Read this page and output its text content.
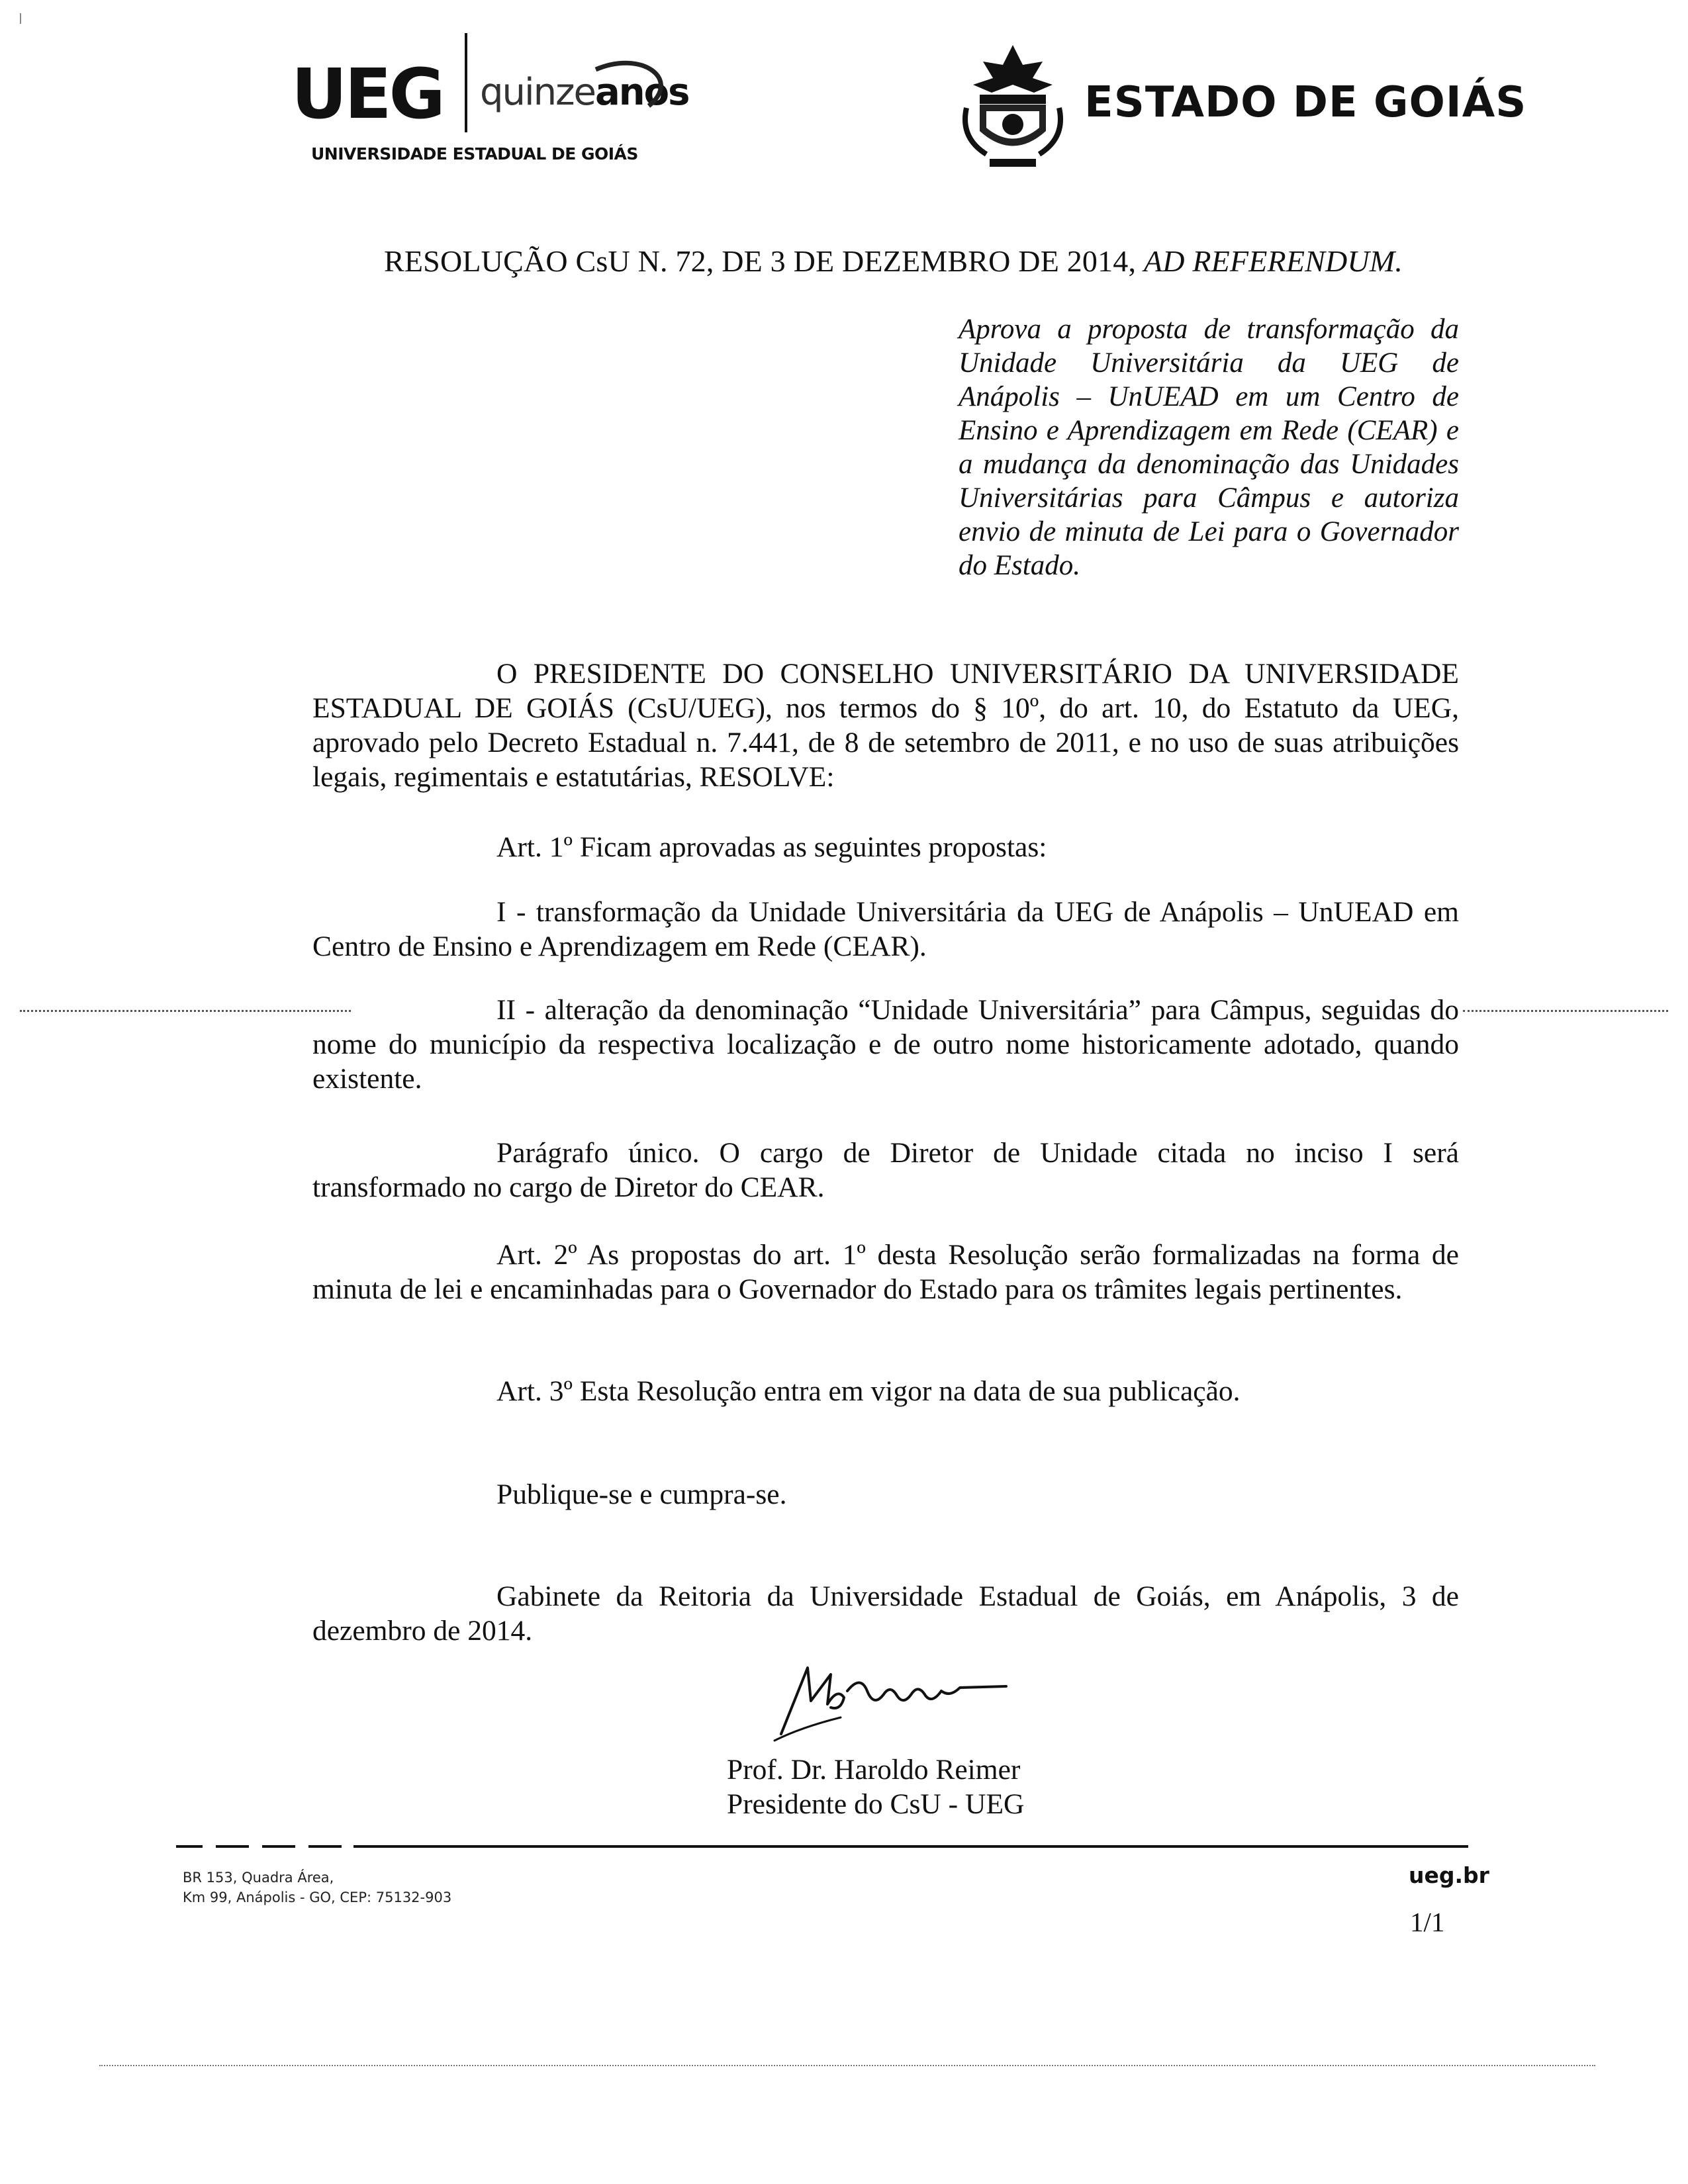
UEG quinzeanos
UNIVERSIDADE ESTADUAL DE GOIÁS
ESTADO DE GOIÁS
RESOLUÇÃO CsU N. 72, DE 3 DE DEZEMBRO DE 2014, AD REFERENDUM.
Aprova a proposta de transformação da Unidade Universitária da UEG de Anápolis – UnUEAD em um Centro de Ensino e Aprendizagem em Rede (CEAR) e a mudança da denominação das Unidades Universitárias para Câmpus e autoriza envio de minuta de Lei para o Governador do Estado.
O PRESIDENTE DO CONSELHO UNIVERSITÁRIO DA UNIVERSIDADE ESTADUAL DE GOIÁS (CsU/UEG), nos termos do § 10º, do art. 10, do Estatuto da UEG, aprovado pelo Decreto Estadual n. 7.441, de 8 de setembro de 2011, e no uso de suas atribuições legais, regimentais e estatutárias, RESOLVE:
Art. 1º Ficam aprovadas as seguintes propostas:
I - transformação da Unidade Universitária da UEG de Anápolis – UnUEAD em Centro de Ensino e Aprendizagem em Rede (CEAR).
II - alteração da denominação “Unidade Universitária” para Câmpus, seguidas do nome do município da respectiva localização e de outro nome historicamente adotado, quando existente.
Parágrafo único. O cargo de Diretor de Unidade citada no inciso I será transformado no cargo de Diretor do CEAR.
Art. 2º As propostas do art. 1º desta Resolução serão formalizadas na forma de minuta de lei e encaminhadas para o Governador do Estado para os trâmites legais pertinentes.
Art. 3º Esta Resolução entra em vigor na data de sua publicação.
Publique-se e cumpra-se.
Gabinete da Reitoria da Universidade Estadual de Goiás, em Anápolis, 3 de dezembro de 2014.
Prof. Dr. Haroldo Reimer
Presidente do CsU - UEG
BR 153, Quadra Área,
Km 99, Anápolis - GO, CEP: 75132-903
ueg.br
1/1
